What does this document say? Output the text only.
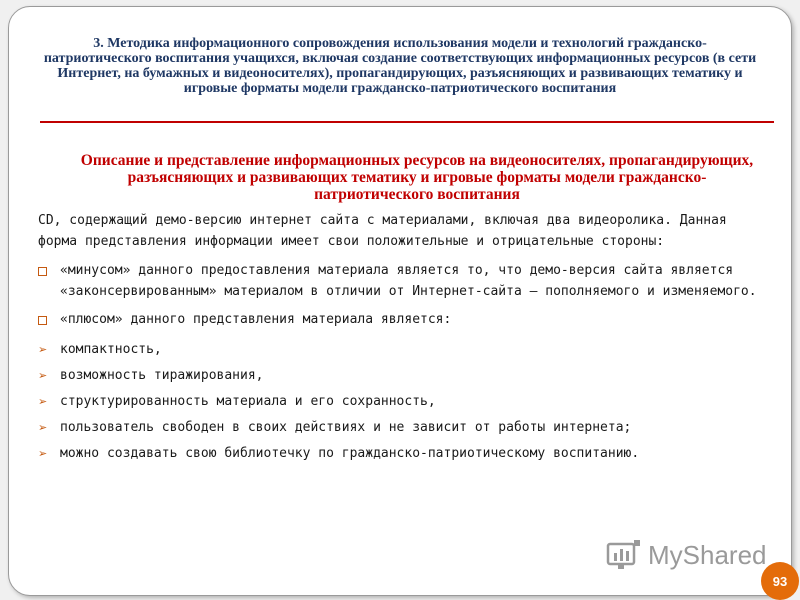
3. Методика информационного сопровождения использования модели и технологий гражданско-патриотического воспитания учащихся, включая создание соответствующих информационных ресурсов (в сети Интернет, на бумажных и видеоносителях), пропагандирующих, разъясняющих и развивающих тематику и игровые форматы модели гражданско-патриотического воспитания
Описание и представление информационных ресурсов на видеоносителях, пропагандирующих, разъясняющих и развивающих тематику и игровые форматы модели гражданско-патриотического воспитания

CD, содержащий демо-версию интернет сайта с материалами, включая два видеоролика. Данная форма представления информации имеет свои положительные и отрицательные стороны:

«минусом» данного предоставления материала является то, что демо-версия сайта является «законсервированным» материалом в отличии от Интернет-сайта – пополняемого и изменяемого.
«плюсом» данного представления материала является:
➢ компактность,
➢ возможность тиражирования,
➢ структурированность материала и его сохранность,
➢ пользователь свободен в своих действиях и не зависит от работы интернета;
➢ можно создавать свою библиотечку по гражданско-патриотическому воспитанию.
MyShared
93
